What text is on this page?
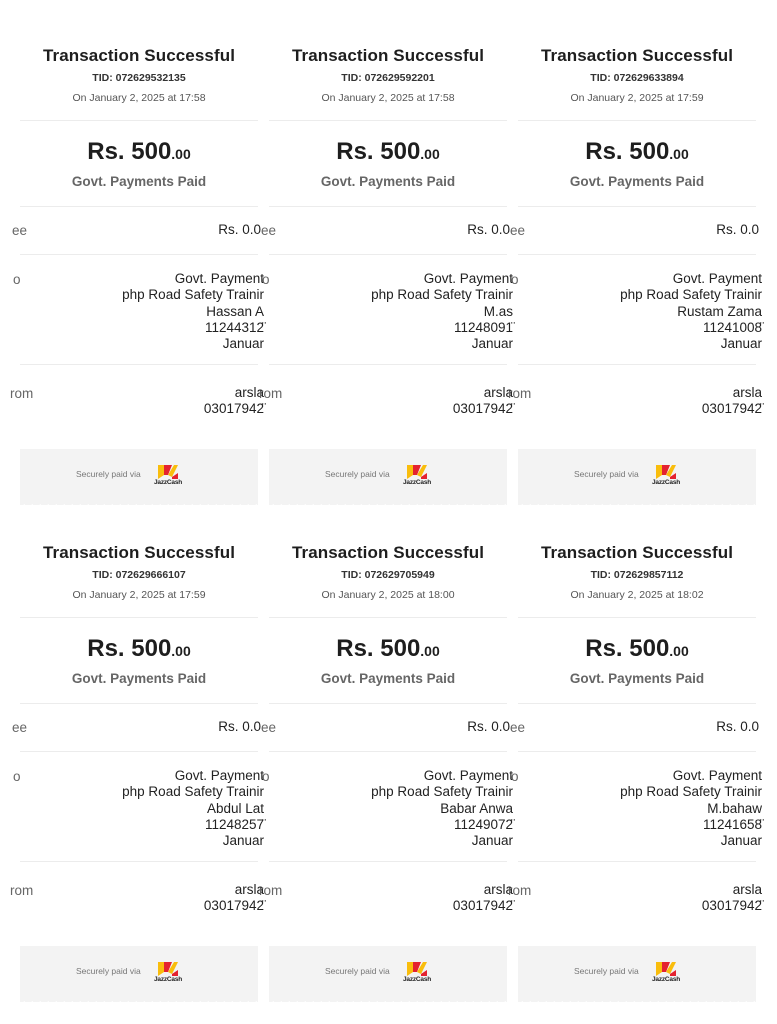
Transaction Successful
TID: 072629532135
On January 2, 2025 at 17:58
Rs. 500.00
Govt. Payments Paid
ee	Rs. 0.0
o	Govt. Payment
php Road Safety Trainir
Hassan A
11244312̈
Januar
rom	arsla
03017942̈
Securely paid via
JazzCash
Transaction Successful
TID: 072629592201
On January 2, 2025 at 17:58
Rs. 500.00
Govt. Payments Paid
ee	Rs. 0.0
o	Govt. Payment
php Road Safety Trainir
M.as
11248091̈
Januar
rom	arsla
03017942̈
Securely paid via
JazzCash
Transaction Successful
TID: 072629633894
On January 2, 2025 at 17:59
Rs. 500.00
Govt. Payments Paid
ee	Rs. 0.0
o	Govt. Payment
php Road Safety Trainir
Rustam Zama
11241008̈
Januar
rom	arsla
03017942̈
Securely paid via
JazzCash
Transaction Successful
TID: 072629666107
On January 2, 2025 at 17:59
Rs. 500.00
Govt. Payments Paid
ee	Rs. 0.0
o	Govt. Payment
php Road Safety Trainir
Abdul Lat
11248257̈
Januar
rom	arsla
03017942̈
Securely paid via
JazzCash
Transaction Successful
TID: 072629705949
On January 2, 2025 at 18:00
Rs. 500.00
Govt. Payments Paid
ee	Rs. 0.0
o	Govt. Payment
php Road Safety Trainir
Babar Anwa
11249072̈
Januar
rom	arsla
03017942̈
Securely paid via
JazzCash
Transaction Successful
TID: 072629857112
On January 2, 2025 at 18:02
Rs. 500.00
Govt. Payments Paid
ee	Rs. 0.0
o	Govt. Payment
php Road Safety Trainir
M.bahaw
11241658̈
Januar
rom	arsla
03017942̈
Securely paid via
JazzCash
